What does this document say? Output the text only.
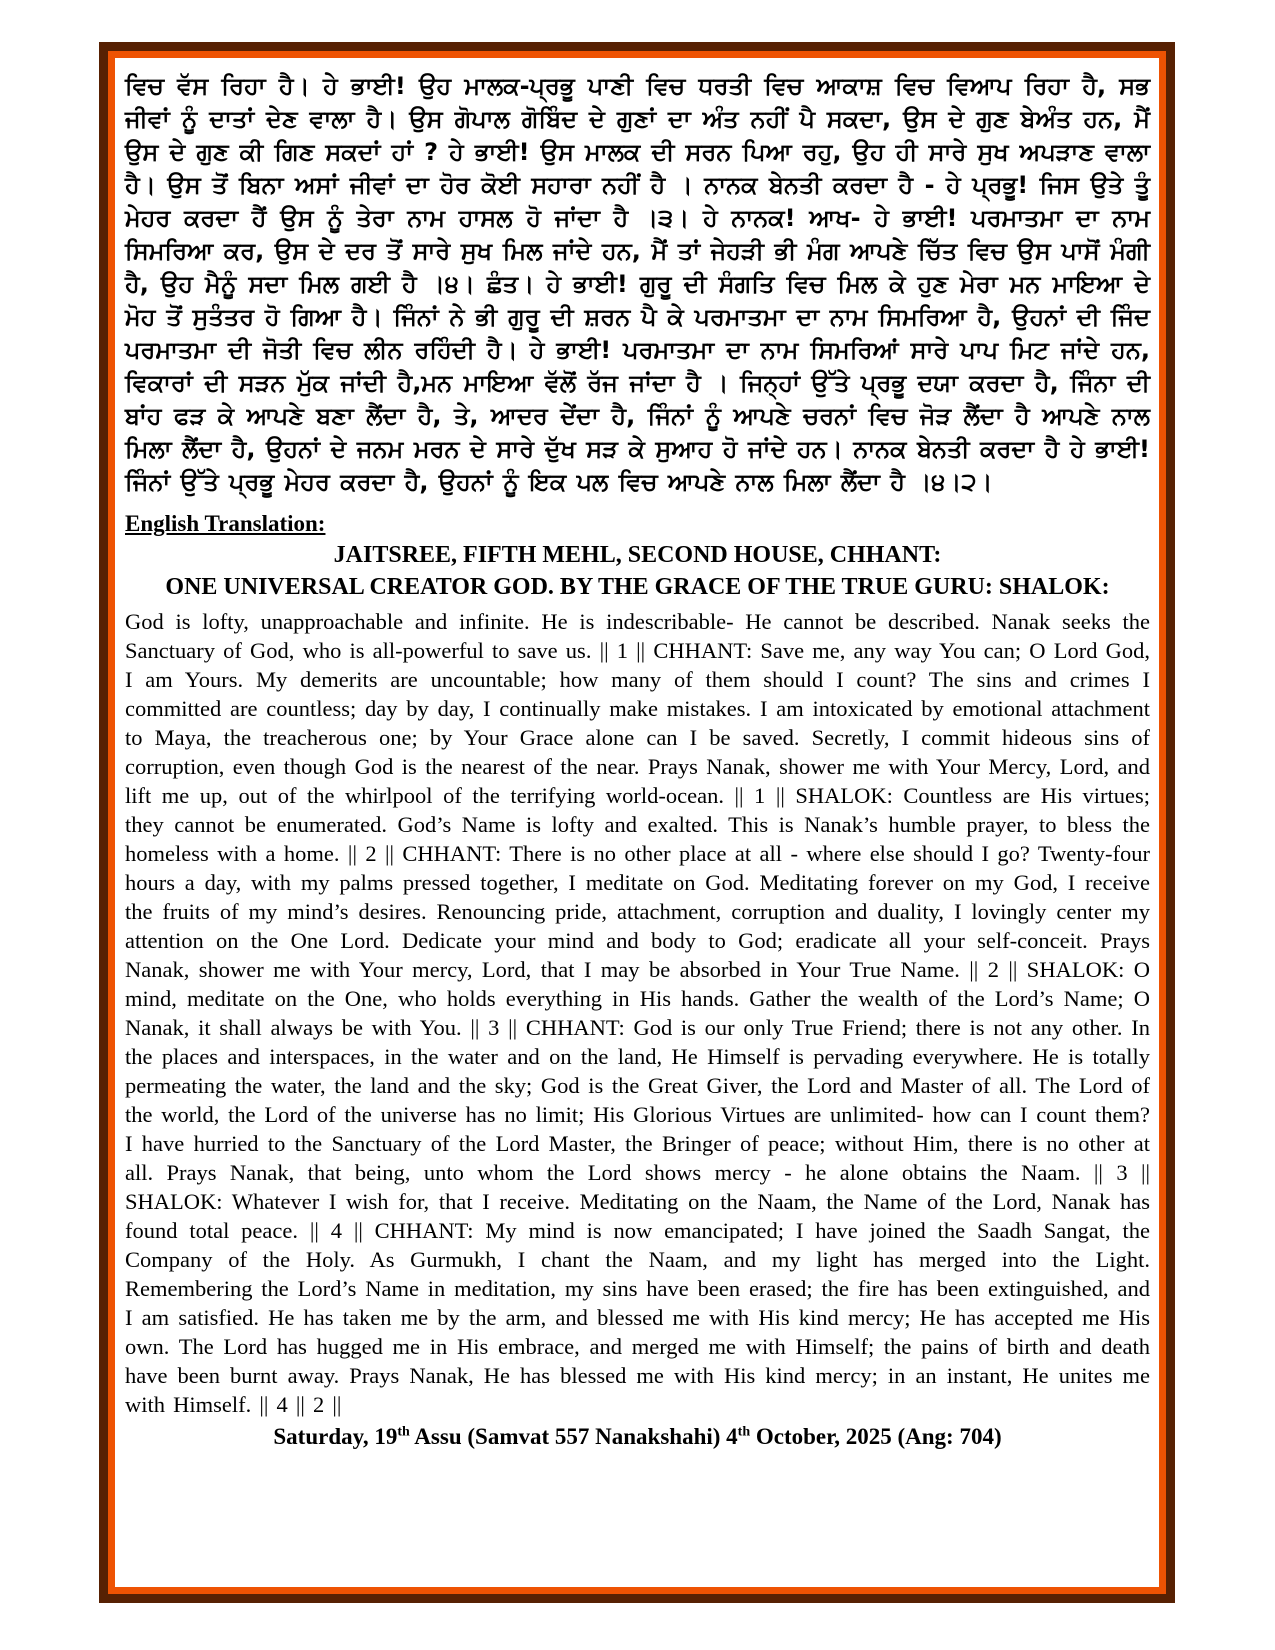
ਵਿਚ ਵੱਸ ਰਿਹਾ ਹੈ। ਹੇ ਭਾਈ! ਉਹ ਮਾਲਕ-ਪ੍ਰਭੂ ਪਾਣੀ ਵਿਚ ਧਰਤੀ ਵਿਚ ਆਕਾਸ਼ ਵਿਚ ਵਿਆਪ ਰਿਹਾ ਹੈ, ਸਭ ਜੀਵਾਂ ਨੂੰ ਦਾਤਾਂ ਦੇਣ ਵਾਲਾ ਹੈ। ਉਸ ਗੋਪਾਲ ਗੋਬਿੰਦ ਦੇ ਗੁਣਾਂ ਦਾ ਅੰਤ ਨਹੀਂ ਪੈ ਸਕਦਾ, ਉਸ ਦੇ ਗੁਣ ਬੇਅੰਤ ਹਨ, ਮੈਂ ਉਸ ਦੇ ਗੁਣ ਕੀ ਗਿਣ ਸਕਦਾਂ ਹਾਂ ? ਹੇ ਭਾਈ! ਉਸ ਮਾਲਕ ਦੀ ਸਰਨ ਪਿਆ ਰਹੁ, ਉਹ ਹੀ ਸਾਰੇ ਸੁਖ ਅਪੜਾਣ ਵਾਲਾ ਹੈ। ਉਸ ਤੋਂ ਬਿਨਾ ਅਸਾਂ ਜੀਵਾਂ ਦਾ ਹੋਰ ਕੋਈ ਸਹਾਰਾ ਨਹੀਂ ਹੈ । ਨਾਨਕ ਬੇਨਤੀ ਕਰਦਾ ਹੈ - ਹੇ ਪ੍ਰਭੂ! ਜਿਸ ਉਤੇ ਤੂੰ ਮੇਹਰ ਕਰਦਾ ਹੈਂ ਉਸ ਨੂੰ ਤੇਰਾ ਨਾਮ ਹਾਸਲ ਹੋ ਜਾਂਦਾ ਹੈ ।੩। ਹੇ ਨਾਨਕ! ਆਖ- ਹੇ ਭਾਈ! ਪਰਮਾਤਮਾ ਦਾ ਨਾਮ ਸਿਮਰਿਆ ਕਰ, ਉਸ ਦੇ ਦਰ ਤੋਂ ਸਾਰੇ ਸੁਖ ਮਿਲ ਜਾਂਦੇ ਹਨ, ਮੈਂ ਤਾਂ ਜੇਹੜੀ ਭੀ ਮੰਗ ਆਪਣੇ ਚਿੱਤ ਵਿਚ ਉਸ ਪਾਸੋਂ ਮੰਗੀ ਹੈ, ਉਹ ਮੈਨੂੰ ਸਦਾ ਮਿਲ ਗਈ ਹੈ ।੪। ਛੰਤ। ਹੇ ਭਾਈ! ਗੁਰੂ ਦੀ ਸੰਗਤਿ ਵਿਚ ਮਿਲ ਕੇ ਹੁਣ ਮੇਰਾ ਮਨ ਮਾਇਆ ਦੇ ਮੋਹ ਤੋਂ ਸੁਤੰਤਰ ਹੋ ਗਿਆ ਹੈ। ਜਿੰਨਾਂ ਨੇ ਭੀ ਗੁਰੂ ਦੀ ਸ਼ਰਨ ਪੈ ਕੇ ਪਰਮਾਤਮਾ ਦਾ ਨਾਮ ਸਿਮਰਿਆ ਹੈ, ਉਹਨਾਂ ਦੀ ਜਿੰਦ ਪਰਮਾਤਮਾ ਦੀ ਜੋਤੀ ਵਿਚ ਲੀਨ ਰਹਿੰਦੀ ਹੈ। ਹੇ ਭਾਈ! ਪਰਮਾਤਮਾ ਦਾ ਨਾਮ ਸਿਮਰਿਆਂ ਸਾਰੇ ਪਾਪ ਮਿਟ ਜਾਂਦੇ ਹਨ, ਵਿਕਾਰਾਂ ਦੀ ਸੜਨ ਮੁੱਕ ਜਾਂਦੀ ਹੈ,ਮਨ ਮਾਇਆ ਵੱਲੋਂ ਰੱਜ ਜਾਂਦਾ ਹੈ । ਜਿਨ੍ਹਾਂ ਉੱਤੇ ਪ੍ਰਭੂ ਦਯਾ ਕਰਦਾ ਹੈ, ਜਿੰਨਾ ਦੀ ਬਾਂਹ ਫੜ ਕੇ ਆਪਣੇ ਬਣਾ ਲੈਂਦਾ ਹੈ, ਤੇ, ਆਦਰ ਦੇਂਦਾ ਹੈ, ਜਿੰਨਾਂ ਨੂੰ ਆਪਣੇ ਚਰਨਾਂ ਵਿਚ ਜੋੜ ਲੈਂਦਾ ਹੈ ਆਪਣੇ ਨਾਲ ਮਿਲਾ ਲੈਂਦਾ ਹੈ, ਉਹਨਾਂ ਦੇ ਜਨਮ ਮਰਨ ਦੇ ਸਾਰੇ ਦੁੱਖ ਸੜ ਕੇ ਸੁਆਹ ਹੋ ਜਾਂਦੇ ਹਨ। ਨਾਨਕ ਬੇਨਤੀ ਕਰਦਾ ਹੈ ਹੇ ਭਾਈ! ਜਿੰਨਾਂ ਉੱਤੇ ਪ੍ਰਭੂ ਮੇਹਰ ਕਰਦਾ ਹੈ, ਉਹਨਾਂ ਨੂੰ ਇਕ ਪਲ ਵਿਚ ਆਪਣੇ ਨਾਲ ਮਿਲਾ ਲੈਂਦਾ ਹੈ ।੪।੨।

English Translation:
JAITSREE, FIFTH MEHL, SECOND HOUSE, CHHANT:
ONE UNIVERSAL CREATOR GOD. BY THE GRACE OF THE TRUE GURU: SHALOK:

God is lofty, unapproachable and infinite. He is indescribable- He cannot be described. Nanak seeks the Sanctuary of God, who is all-powerful to save us. || 1 || CHHANT: Save me, any way You can; O Lord God, I am Yours. My demerits are uncountable; how many of them should I count? The sins and crimes I committed are countless; day by day, I continually make mistakes. I am intoxicated by emotional attachment to Maya, the treacherous one; by Your Grace alone can I be saved. Secretly, I commit hideous sins of corruption, even though God is the nearest of the near. Prays Nanak, shower me with Your Mercy, Lord, and lift me up, out of the whirlpool of the terrifying world-ocean. || 1 || SHALOK: Countless are His virtues; they cannot be enumerated. God’s Name is lofty and exalted. This is Nanak’s humble prayer, to bless the homeless with a home. || 2 || CHHANT: There is no other place at all - where else should I go? Twenty-four hours a day, with my palms pressed together, I meditate on God. Meditating forever on my God, I receive the fruits of my mind’s desires. Renouncing pride, attachment, corruption and duality, I lovingly center my attention on the One Lord. Dedicate your mind and body to God; eradicate all your self-conceit. Prays Nanak, shower me with Your mercy, Lord, that I may be absorbed in Your True Name. || 2 || SHALOK: O mind, meditate on the One, who holds everything in His hands. Gather the wealth of the Lord’s Name; O Nanak, it shall always be with You. || 3 || CHHANT: God is our only True Friend; there is not any other. In the places and interspaces, in the water and on the land, He Himself is pervading everywhere. He is totally permeating the water, the land and the sky; God is the Great Giver, the Lord and Master of all. The Lord of the world, the Lord of the universe has no limit; His Glorious Virtues are unlimited- how can I count them? I have hurried to the Sanctuary of the Lord Master, the Bringer of peace; without Him, there is no other at all. Prays Nanak, that being, unto whom the Lord shows mercy - he alone obtains the Naam. || 3 || SHALOK: Whatever I wish for, that I receive. Meditating on the Naam, the Name of the Lord, Nanak has found total peace. || 4 || CHHANT: My mind is now emancipated; I have joined the Saadh Sangat, the Company of the Holy. As Gurmukh, I chant the Naam, and my light has merged into the Light. Remembering the Lord’s Name in meditation, my sins have been erased; the fire has been extinguished, and I am satisfied. He has taken me by the arm, and blessed me with His kind mercy; He has accepted me His own. The Lord has hugged me in His embrace, and merged me with Himself; the pains of birth and death have been burnt away. Prays Nanak, He has blessed me with His kind mercy; in an instant, He unites me with Himself. || 4 || 2 ||

Saturday, 19th Assu (Samvat 557 Nanakshahi) 4th October, 2025 (Ang: 704)
